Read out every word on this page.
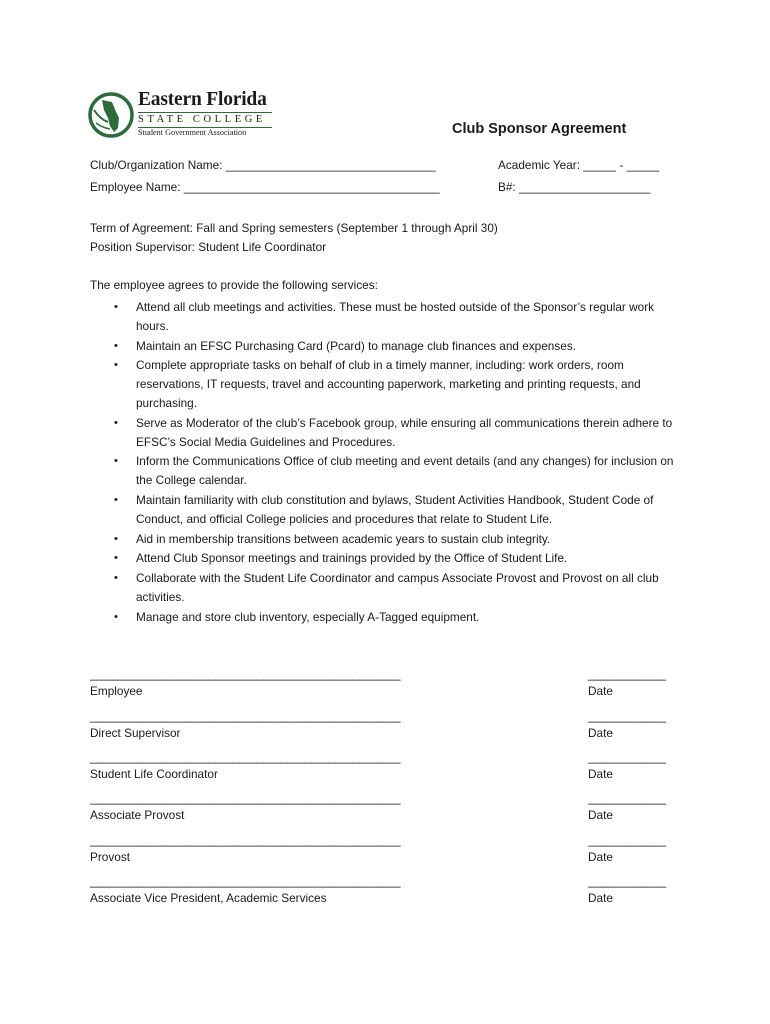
Eastern Florida
STATE COLLEGE
Student Government Association	Club Sponsor Agreement
Club/Organization Name: ________________________________	Academic Year: _____ - _____
Employee Name: _______________________________________	B#: ____________________
Term of Agreement: Fall and Spring semesters (September 1 through April 30)
Position Supervisor: Student Life Coordinator
The employee agrees to provide the following services:
• Attend all club meetings and activities. These must be hosted outside of the Sponsor’s regular work hours.
• Maintain an EFSC Purchasing Card (Pcard) to manage club finances and expenses.
• Complete appropriate tasks on behalf of club in a timely manner, including: work orders, room reservations, IT requests, travel and accounting paperwork, marketing and printing requests, and purchasing.
• Serve as Moderator of the club’s Facebook group, while ensuring all communications therein adhere to EFSC’s Social Media Guidelines and Procedures.
• Inform the Communications Office of club meeting and event details (and any changes) for inclusion on the College calendar.
• Maintain familiarity with club constitution and bylaws, Student Activities Handbook, Student Code of Conduct, and official College policies and procedures that relate to Student Life.
• Aid in membership transitions between academic years to sustain club integrity.
• Attend Club Sponsor meetings and trainings provided by the Office of Student Life.
• Collaborate with the Student Life Coordinator and campus Associate Provost and Provost on all club activities.
• Manage and store club inventory, especially A-Tagged equipment.
____________________________________________________	_____________
Employee	Date
____________________________________________________	_____________
Direct Supervisor	Date
____________________________________________________	_____________
Student Life Coordinator	Date
____________________________________________________	_____________
Associate Provost	Date
____________________________________________________	_____________
Provost	Date
____________________________________________________	_____________
Associate Vice President, Academic Services	Date
